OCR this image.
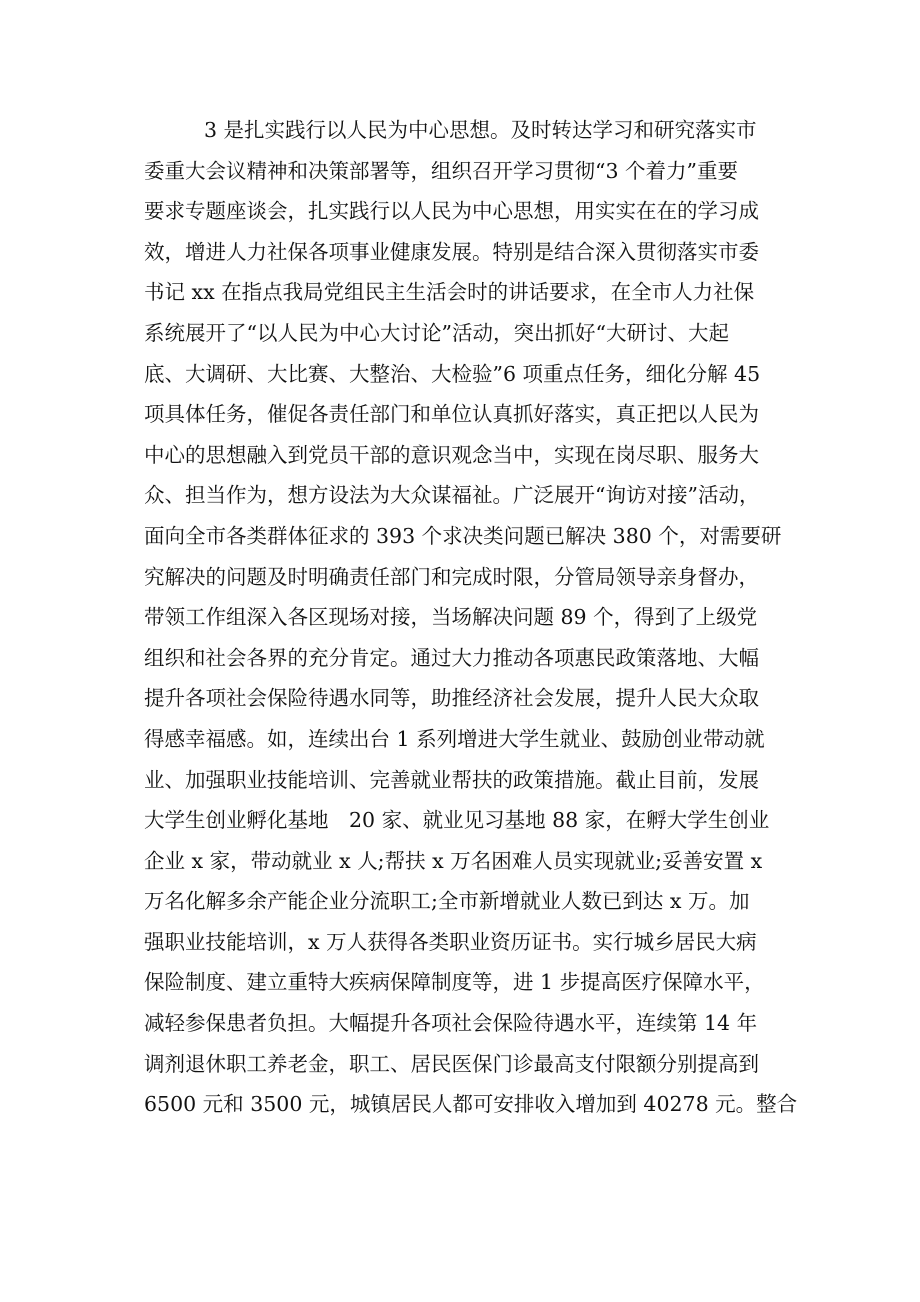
3 是扎实践行以人民为中心思想。及时转达学习和研究落实市
委重大会议精神和决策部署等，组织召开学习贯彻“3 个着力”重要
要求专题座谈会，扎实践行以人民为中心思想，用实实在在的学习成
效，增进人力社保各项事业健康发展。特别是结合深入贯彻落实市委
书记 xx 在指点我局党组民主生活会时的讲话要求，在全市人力社保
系统展开了“以人民为中心大讨论”活动，突出抓好“大研讨、大起
底、大调研、大比赛、大整治、大检验”6 项重点任务，细化分解 45
项具体任务，催促各责任部门和单位认真抓好落实，真正把以人民为
中心的思想融入到党员干部的意识观念当中，实现在岗尽职、服务大
众、担当作为，想方设法为大众谋福祉。广泛展开“询访对接”活动，
面向全市各类群体征求的 393 个求决类问题已解决 380 个，对需要研
究解决的问题及时明确责任部门和完成时限，分管局领导亲身督办，
带领工作组深入各区现场对接，当场解决问题 89 个，得到了上级党
组织和社会各界的充分肯定。通过大力推动各项惠民政策落地、大幅
提升各项社会保险待遇水同等，助推经济社会发展，提升人民大众取
得感幸福感。如，连续出台 1 系列增进大学生就业、鼓励创业带动就
业、加强职业技能培训、完善就业帮扶的政策措施。截止目前，发展
大学生创业孵化基地　20 家、就业见习基地 88 家，在孵大学生创业
企业 x 家，带动就业 x 人;帮扶 x 万名困难人员实现就业;妥善安置 x
万名化解多余产能企业分流职工;全市新增就业人数已到达 x 万。加
强职业技能培训，x 万人获得各类职业资历证书。实行城乡居民大病
保险制度、建立重特大疾病保障制度等，进 1 步提高医疗保障水平，
减轻参保患者负担。大幅提升各项社会保险待遇水平，连续第 14 年
调剂退休职工养老金，职工、居民医保门诊最高支付限额分别提高到
6500 元和 3500 元，城镇居民人都可安排收入增加到 40278 元。整合
